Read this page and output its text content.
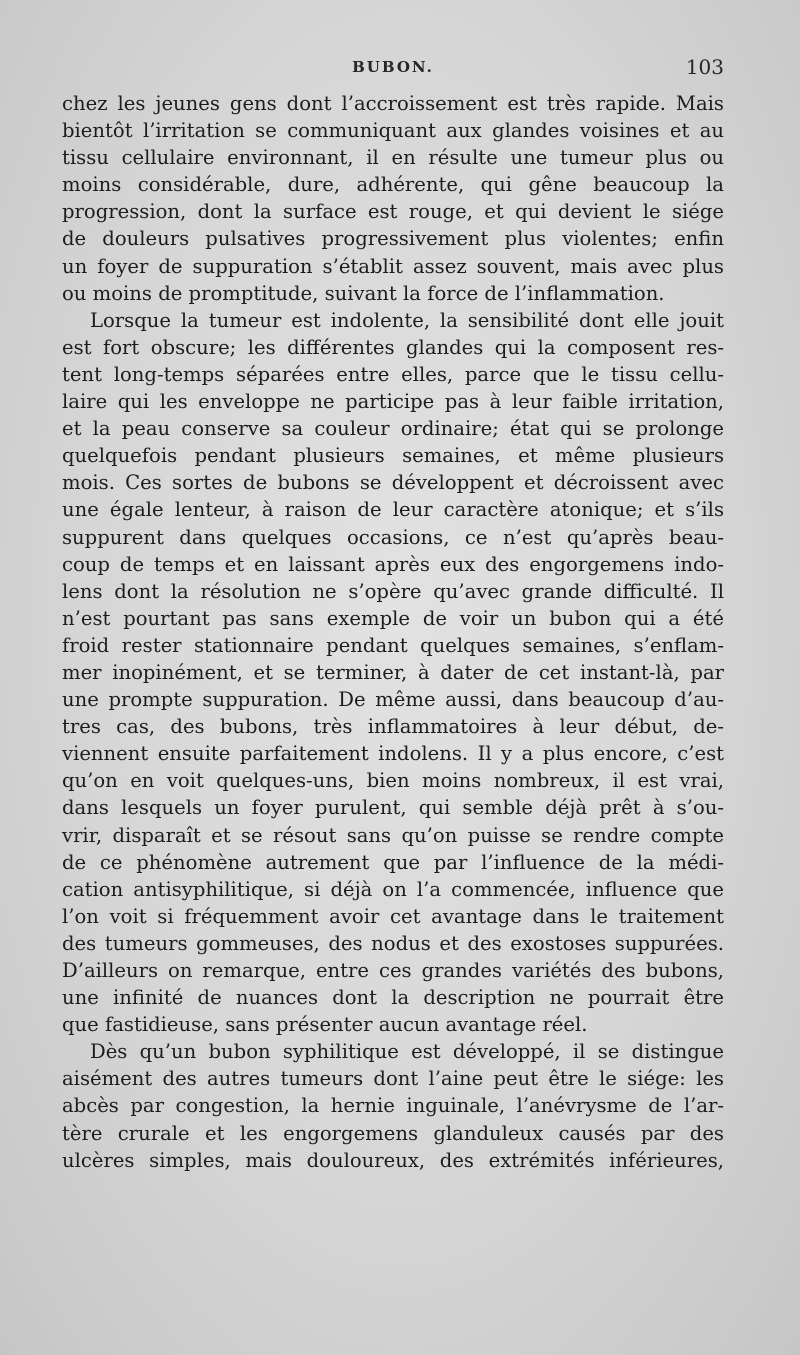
BUBON.	103
chez les jeunes gens dont l’accroissement est très rapide. Mais
bientôt l’irritation se communiquant aux glandes voisines et au
tissu cellulaire environnant, il en résulte une tumeur plus ou
moins considérable, dure, adhérente, qui gêne beaucoup la
progression, dont la surface est rouge, et qui devient le siége
de douleurs pulsatives progressivement plus violentes; enfin
un foyer de suppuration s’établit assez souvent, mais avec plus
ou moins de promptitude, suivant la force de l’inflammation.
Lorsque la tumeur est indolente, la sensibilité dont elle jouit
est fort obscure; les différentes glandes qui la composent res-
tent long-temps séparées entre elles, parce que le tissu cellu-
laire qui les enveloppe ne participe pas à leur faible irritation,
et la peau conserve sa couleur ordinaire; état qui se prolonge
quelquefois pendant plusieurs semaines, et même plusieurs
mois. Ces sortes de bubons se développent et décroissent avec
une égale lenteur, à raison de leur caractère atonique; et s’ils
suppurent dans quelques occasions, ce n’est qu’après beau-
coup de temps et en laissant après eux des engorgemens indo-
lens dont la résolution ne s’opère qu’avec grande difficulté. Il
n’est pourtant pas sans exemple de voir un bubon qui a été
froid rester stationnaire pendant quelques semaines, s’enflam-
mer inopinément, et se terminer, à dater de cet instant-là, par
une prompte suppuration. De même aussi, dans beaucoup d’au-
tres cas, des bubons, très inflammatoires à leur début, de-
viennent ensuite parfaitement indolens. Il y a plus encore, c’est
qu’on en voit quelques-uns, bien moins nombreux, il est vrai,
dans lesquels un foyer purulent, qui semble déjà prêt à s’ou-
vrir, disparaît et se résout sans qu’on puisse se rendre compte
de ce phénomène autrement que par l’influence de la médi-
cation antisyphilitique, si déjà on l’a commencée, influence que
l’on voit si fréquemment avoir cet avantage dans le traitement
des tumeurs gommeuses, des nodus et des exostoses suppurées.
D’ailleurs on remarque, entre ces grandes variétés des bubons,
une infinité de nuances dont la description ne pourrait être
que fastidieuse, sans présenter aucun avantage réel.
Dès qu’un bubon syphilitique est développé, il se distingue
aisément des autres tumeurs dont l’aine peut être le siége: les
abcès par congestion, la hernie inguinale, l’anévrysme de l’ar-
tère crurale et les engorgemens glanduleux causés par des
ulcères simples, mais douloureux, des extrémités inférieures,
